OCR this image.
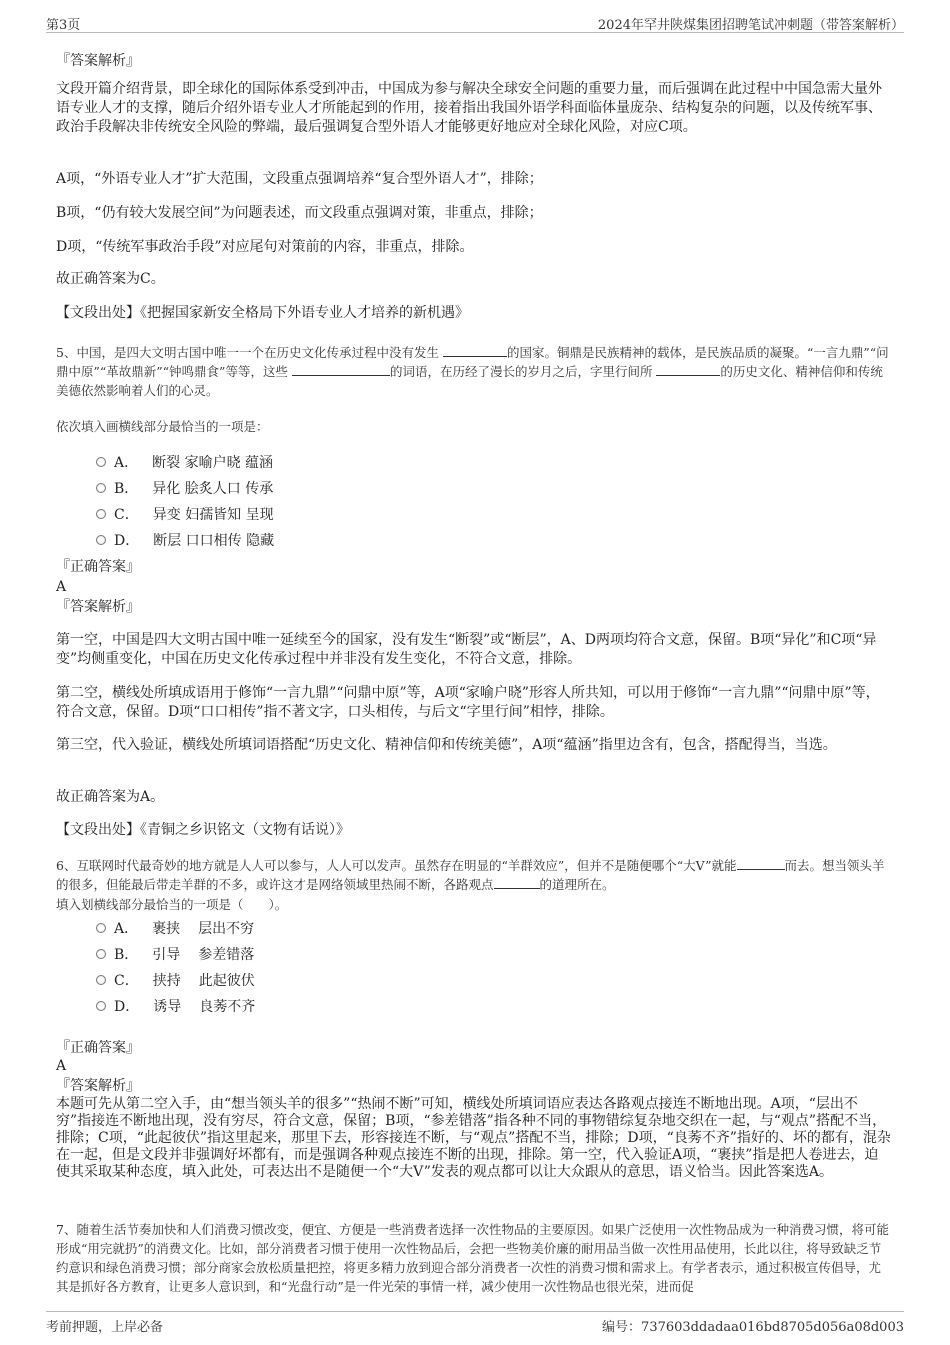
第3页	2024年罕井陕煤集团招聘笔试冲刺题（带答案解析）
『答案解析』
文段开篇介绍背景，即全球化的国际体系受到冲击，中国成为参与解决全球安全问题的重要力量，而后强调在此过程中中国急需大量外语专业人才的支撑，随后介绍外语专业人才所能起到的作用，接着指出我国外语学科面临体量庞杂、结构复杂的问题，以及传统军事、政治手段解决非传统安全风险的弊端，最后强调复合型外语人才能够更好地应对全球化风险，对应C项。
A项，“外语专业人才”扩大范围，文段重点强调培养“复合型外语人才”，排除；
B项，“仍有较大发展空间”为问题表述，而文段重点强调对策，非重点，排除；
D项，“传统军事政治手段”对应尾句对策前的内容，非重点，排除。
故正确答案为C。
【文段出处】《把握国家新安全格局下外语专业人才培养的新机遇》
5、中国，是四大文明古国中唯一一个在历史文化传承过程中没有发生	的国家。铜鼎是民族精神的载体，是民族品质的凝聚。“一言九鼎”“问鼎中原”“革故鼎新”“钟鸣鼎食”等等，这些	的词语，在历经了漫长的岁月之后，字里行间所	的历史文化、精神信仰和传统美德依然影响着人们的心灵。
依次填入画横线部分最恰当的一项是：
A． 断裂 家喻户晓 蕴涵
B． 异化 脍炙人口 传承
C． 异变 妇孺皆知 呈现
D． 断层 口口相传 隐藏
『正确答案』
A
『答案解析』
第一空，中国是四大文明古国中唯一延续至今的国家，没有发生“断裂”或“断层”，A、D两项均符合文意，保留。B项“异化”和C项“异变”均侧重变化，中国在历史文化传承过程中并非没有发生变化，不符合文意，排除。
第二空，横线处所填成语用于修饰“一言九鼎”“问鼎中原”等，A项“家喻户晓”形容人所共知，可以用于修饰“一言九鼎”“问鼎中原”等，符合文意，保留。D项“口口相传”指不著文字，口头相传，与后文“字里行间”相悖，排除。
第三空，代入验证，横线处所填词语搭配“历史文化、精神信仰和传统美德”，A项“蕴涵”指里边含有，包含，搭配得当，当选。
故正确答案为A。
【文段出处】《青铜之乡识铭文（文物有话说）》
6、互联网时代最奇妙的地方就是人人可以参与，人人可以发声。虽然存在明显的“羊群效应”，但并不是随便哪个“大V”就能	而去。想当领头羊的很多，但能最后带走羊群的不多，或许这才是网络领域里热闹不断，各路观点	的道理所在。
填入划横线部分最恰当的一项是（　　）。
A． 裹挟 层出不穷
B． 引导 参差错落
C． 挟持 此起彼伏
D． 诱导 良莠不齐
『正确答案』
A
『答案解析』
本题可先从第二空入手，由“想当领头羊的很多”“热闹不断”可知，横线处所填词语应表达各路观点接连不断地出现。A项，“层出不穷”指接连不断地出现，没有穷尽，符合文意，保留；B项，“参差错落”指各种不同的事物错综复杂地交织在一起，与“观点”搭配不当，排除；C项，“此起彼伏”指这里起来，那里下去，形容接连不断，与“观点”搭配不当，排除；D项，“良莠不齐”指好的、坏的都有，混杂在一起，但是文段并非强调好坏都有，而是强调各种观点接连不断的出现，排除。第一空，代入验证A项，“裹挟”指是把人卷进去，迫使其采取某种态度，填入此处，可表达出不是随便一个“大V”发表的观点都可以让大众跟从的意思，语义恰当。因此答案选A。
7、随着生活节奏加快和人们消费习惯改变，便宜、方便是一些消费者选择一次性物品的主要原因。如果广泛使用一次性物品成为一种消费习惯，将可能形成“用完就扔”的消费文化。比如，部分消费者习惯于使用一次性物品后，会把一些物美价廉的耐用品当做一次性用品使用，长此以往，将导致缺乏节约意识和绿色消费习惯；部分商家会放松质量把控，将更多精力放到迎合部分消费者一次性的消费习惯和需求上。有学者表示，通过积极宣传倡导，尤其是抓好各方教育，让更多人意识到，和“光盘行动”是一件光荣的事情一样，减少使用一次性物品也很光荣，进而促
考前押题，上岸必备	编号：737603ddadaa016bd8705d056a08d003
